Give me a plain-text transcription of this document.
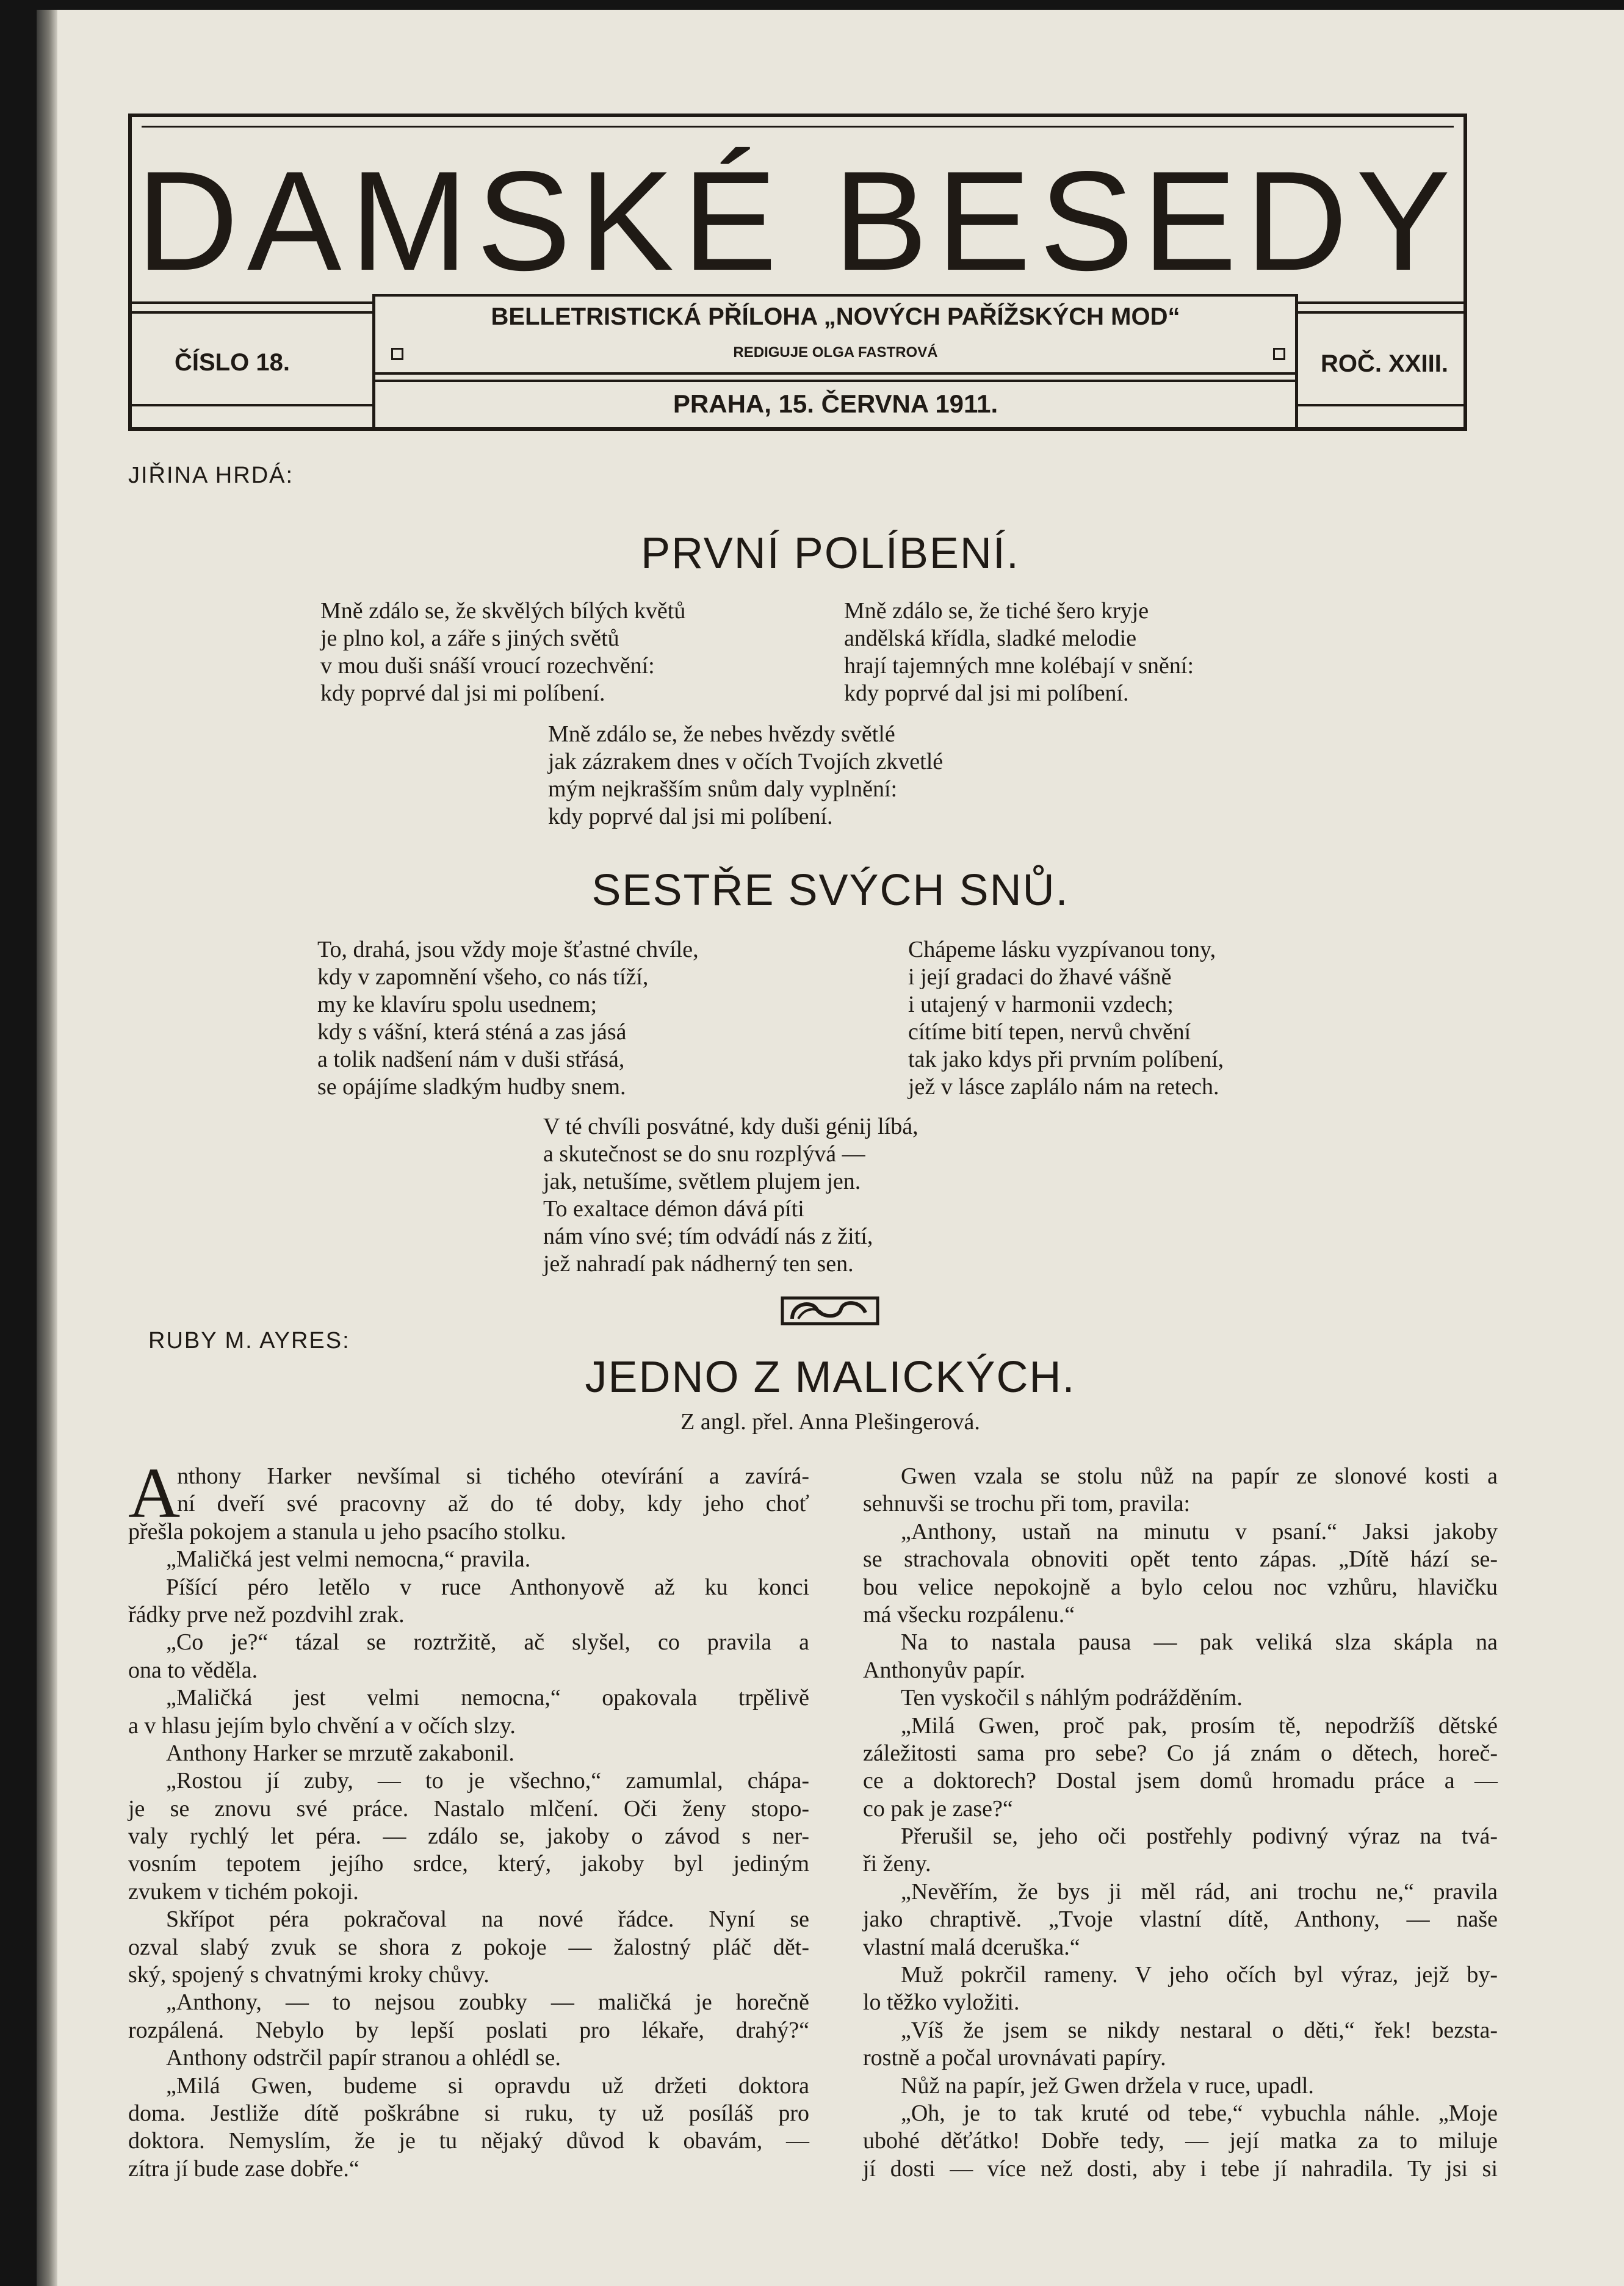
DAMSKÉ BESEDY
ČÍSLO 18.
BELLETRISTICKÁ PŘÍLOHA „NOVÝCH PAŘÍŽSKÝCH MOD“
REDIGUJE OLGA FASTROVÁ	ROČ. XXIII.
PRAHA, 15. ČERVNA 1911.
JIŘINA HRDÁ:
PRVNÍ POLÍBENÍ.
Mně zdálo se, že skvělých bílých květů
je plno kol, a záře s jiných světů
v mou duši snáší vroucí rozechvění:
kdy poprvé dal jsi mi políbení.
Mně zdálo se, že tiché šero kryje
andělská křídla, sladké melodie
hrají tajemných mne kolébají v snění:
kdy poprvé dal jsi mi políbení.
Mně zdálo se, že nebes hvězdy světlé
jak zázrakem dnes v očích Tvojích zkvetlé
mým nejkrašším snům daly vyplnění:
kdy poprvé dal jsi mi políbení.
SESTŘE SVÝCH SNŮ.
To, drahá, jsou vždy moje šťastné chvíle,
kdy v zapomnění všeho, co nás tíží,
my ke klavíru spolu usednem;
kdy s vášní, která sténá a zas jásá
a tolik nadšení nám v duši střásá,
se opájíme sladkým hudby snem.
Chápeme lásku vyzpívanou tony,
i její gradaci do žhavé vášně
i utajený v harmonii vzdech;
cítíme bití tepen, nervů chvění
tak jako kdys při prvním políbení,
jež v lásce zaplálo nám na retech.
V té chvíli posvátné, kdy duši génij líbá,
a skutečnost se do snu rozplývá —
jak, netušíme, světlem plujem jen.
To exaltace démon dává píti
nám víno své; tím odvádí nás z žití,
jež nahradí pak nádherný ten sen.
RUBY M. AYRES:
JEDNO Z MALICKÝCH.
Z angl. přel. Anna Plešingerová.
A
nthony Harker nevšímal si tichého otevírání a zavírá-
ní dveří své pracovny až do té doby, kdy jeho choť
přešla pokojem a stanula u jeho psacího stolku.
„Maličká jest velmi nemocna,“ pravila.
Píšící péro letělo v ruce Anthonyově až ku konci
řádky prve než pozdvihl zrak.
„Co je?“ tázal se roztržitě, ač slyšel, co pravila a
ona to věděla.
„Maličká jest velmi nemocna,“ opakovala trpělivě
a v hlasu jejím bylo chvění a v očích slzy.
Anthony Harker se mrzutě zakabonil.
„Rostou jí zuby, — to je všechno,“ zamumlal, chápa-
je se znovu své práce. Nastalo mlčení. Oči ženy stopo-
valy rychlý let péra. — zdálo se, jakoby o závod s ner-
vosním tepotem jejího srdce, který, jakoby byl jediným
zvukem v tichém pokoji.
Skřípot péra pokračoval na nové řádce. Nyní se
ozval slabý zvuk se shora z pokoje — žalostný pláč dět-
ský, spojený s chvatnými kroky chůvy.
„Anthony, — to nejsou zoubky — maličká je horečně
rozpálená. Nebylo by lepší poslati pro lékaře, drahý?“
Anthony odstrčil papír stranou a ohlédl se.
„Milá Gwen, budeme si opravdu už držeti doktora
doma. Jestliže dítě poškrábne si ruku, ty už posíláš pro
doktora. Nemyslím, že je tu nějaký důvod k obavám, —
zítra jí bude zase dobře.“
Gwen vzala se stolu nůž na papír ze slonové kosti a
sehnuvši se trochu při tom, pravila:
„Anthony, ustaň na minutu v psaní.“ Jaksi jakoby
se strachovala obnoviti opět tento zápas. „Dítě hází se-
bou velice nepokojně a bylo celou noc vzhůru, hlavičku
má všecku rozpálenu.“
Na to nastala pausa — pak veliká slza skápla na
Anthonyův papír.
Ten vyskočil s náhlým podrážděním.
„Milá Gwen, proč pak, prosím tě, nepodržíš dětské
záležitosti sama pro sebe? Co já znám o dětech, horeč-
ce a doktorech? Dostal jsem domů hromadu práce a —
co pak je zase?“
Přerušil se, jeho oči postřehly podivný výraz na tvá-
ři ženy.
„Nevěřím, že bys ji měl rád, ani trochu ne,“ pravila
jako chraptivě. „Tvoje vlastní dítě, Anthony, — naše
vlastní malá dceruška.“
Muž pokrčil rameny. V jeho očích byl výraz, jejž by-
lo těžko vyložiti.
„Víš že jsem se nikdy nestaral o děti,“ řek! bezsta-
rostně a počal urovnávati papíry.
Nůž na papír, jež Gwen držela v ruce, upadl.
„Oh, je to tak kruté od tebe,“ vybuchla náhle. „Moje
ubohé děťátko! Dobře tedy, — její matka za to miluje
jí dosti — více než dosti, aby i tebe jí nahradila. Ty jsi si
